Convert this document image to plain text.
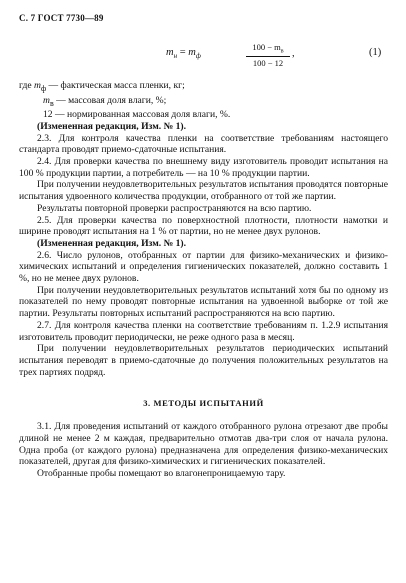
С. 7 ГОСТ 7730—89
$m_н = m_ф$
$100 - m_в$
100 − 12
,	(1)

где $m_ф$ — фактическая масса пленки, кг;

$m_в$ — массовая доля влаги, %;

12 — нормированная массовая доля влаги, %.

(Измененная редакция, Изм. № 1).

2.3. Для контроля качества пленки на соответствие требованиям настоящего стандарта проводят приемо-сдаточные испытания.

2.4. Для проверки качества по внешнему виду изготовитель проводит испытания на 100 % продукции партии, а потребитель — на 10 % продукции партии.

При получении неудовлетворительных результатов испытания проводятся повторные испытания удвоенного количества продукции, отобранного от той же партии.

Результаты повторной проверки распространяются на всю партию.

2.5. Для проверки качества по поверхностной плотности, плотности намотки и ширине проводят испытания на 1 % от партии, но не менее двух рулонов.

(Измененная редакция, Изм. № 1).

2.6. Число рулонов, отобранных от партии для физико-механических и физико-химических испытаний и определения гигиенических показателей, должно составить 1 %, но не менее двух рулонов.

При получении неудовлетворительных результатов испытаний хотя бы по одному из показателей по нему проводят повторные испытания на удвоенной выборке от той же партии. Результаты повторных испытаний распространяются на всю партию.

2.7. Для контроля качества пленки на соответствие требованиям п. 1.2.9 испытания изготовитель проводит периодически, не реже одного раза в месяц.

При получении неудовлетворительных результатов периодических испытаний испытания переводят в приемо-сдаточные до получения положительных результатов на трех партиях подряд.

3. МЕТОДЫ ИСПЫТАНИЙ

3.1. Для проведения испытаний от каждого отобранного рулона отрезают две пробы длиной не менее 2 м каждая, предварительно отмотав два-три слоя от начала рулона. Одна проба (от каждого рулона) предназначена для определения физико-механических показателей, другая для физико-химических и гигиенических показателей.

Отобранные пробы помещают во влагонепроницаемую тару.
